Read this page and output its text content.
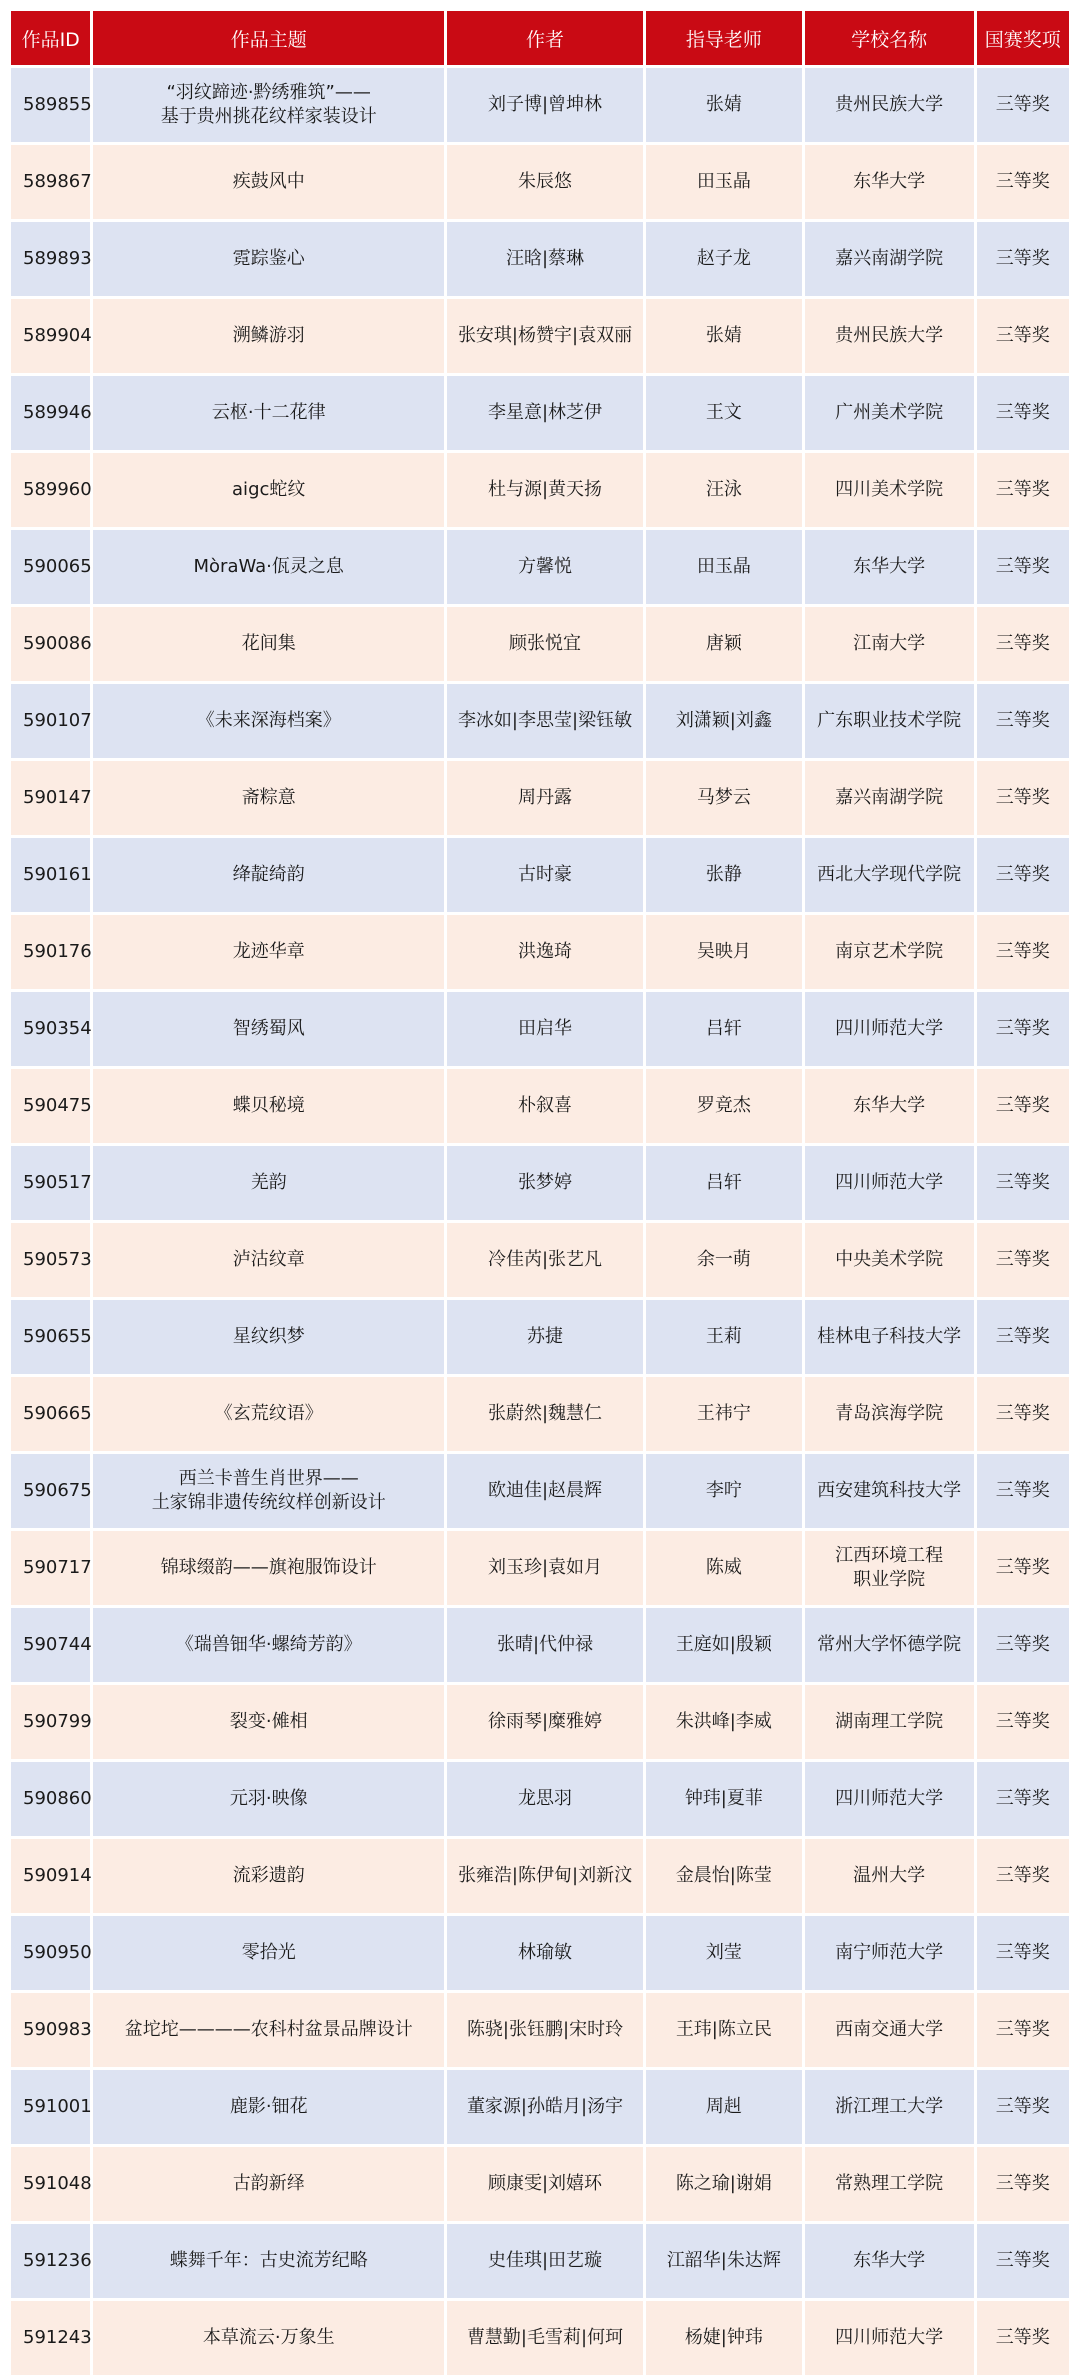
作品ID	作品主题	作者	指导老师	学校名称	国赛奖项
589855	“羽纹蹄迹·黔绣雅筑”——
基于贵州挑花纹样家装设计	刘子博|曾坤林	张婧	贵州民族大学	三等奖
589867	疾鼓风中	朱辰悠	田玉晶	东华大学	三等奖
589893	霓踪鉴心	汪晗|蔡琳	赵子龙	嘉兴南湖学院	三等奖
589904	溯鳞游羽	张安琪|杨赞宇|袁双丽	张婧	贵州民族大学	三等奖
589946	云枢·十二花律	李星意|林芝伊	王文	广州美术学院	三等奖
589960	aigc蛇纹	杜与源|黄天扬	汪泳	四川美术学院	三等奖
590065	MòraWa·佤灵之息	方馨悦	田玉晶	东华大学	三等奖
590086	花间集	顾张悦宜	唐颖	江南大学	三等奖
590107	《未来深海档案》	李冰如|李思莹|梁钰敏	刘潇颖|刘鑫	广东职业技术学院	三等奖
590147	斋粽意	周丹露	马梦云	嘉兴南湖学院	三等奖
590161	绛靛绮韵	古时豪	张静	西北大学现代学院	三等奖
590176	龙迹华章	洪逸琦	吴映月	南京艺术学院	三等奖
590354	智绣蜀风	田启华	吕轩	四川师范大学	三等奖
590475	蝶贝秘境	朴叙喜	罗竟杰	东华大学	三等奖
590517	羌韵	张梦婷	吕轩	四川师范大学	三等奖
590573	泸沽纹章	冷佳芮|张艺凡	余一萌	中央美术学院	三等奖
590655	星纹织梦	苏捷	王莉	桂林电子科技大学	三等奖
590665	《玄荒纹语》	张蔚然|魏慧仁	王祎宁	青岛滨海学院	三等奖
590675	西兰卡普生肖世界——
土家锦非遗传统纹样创新设计	欧迪佳|赵晨辉	李咛	西安建筑科技大学	三等奖
590717	锦球缀韵——旗袍服饰设计	刘玉珍|袁如月	陈威	江西环境工程
职业学院	三等奖
590744	《瑞兽钿华·螺绮芳韵》	张晴|代仲禄	王庭如|殷颖	常州大学怀德学院	三等奖
590799	裂变·傩相	徐雨琴|糜雅婷	朱洪峰|李威	湖南理工学院	三等奖
590860	元羽·映像	龙思羽	钟玮|夏菲	四川师范大学	三等奖
590914	流彩遗韵	张雍浩|陈伊甸|刘新汶	金晨怡|陈莹	温州大学	三等奖
590950	零拾光	林瑜敏	刘莹	南宁师范大学	三等奖
590983	盆坨坨————农科村盆景品牌设计	陈骁|张钰鹏|宋时玲	王玮|陈立民	西南交通大学	三等奖
591001	鹿影·钿花	董家源|孙皓月|汤宇	周赳	浙江理工大学	三等奖
591048	古韵新绎	顾康雯|刘嬉环	陈之瑜|谢娟	常熟理工学院	三等奖
591236	蝶舞千年：古史流芳纪略	史佳琪|田艺璇	江韶华|朱达辉	东华大学	三等奖
591243	本草流云·万象生	曹慧勤|毛雪莉|何珂	杨婕|钟玮	四川师范大学	三等奖
